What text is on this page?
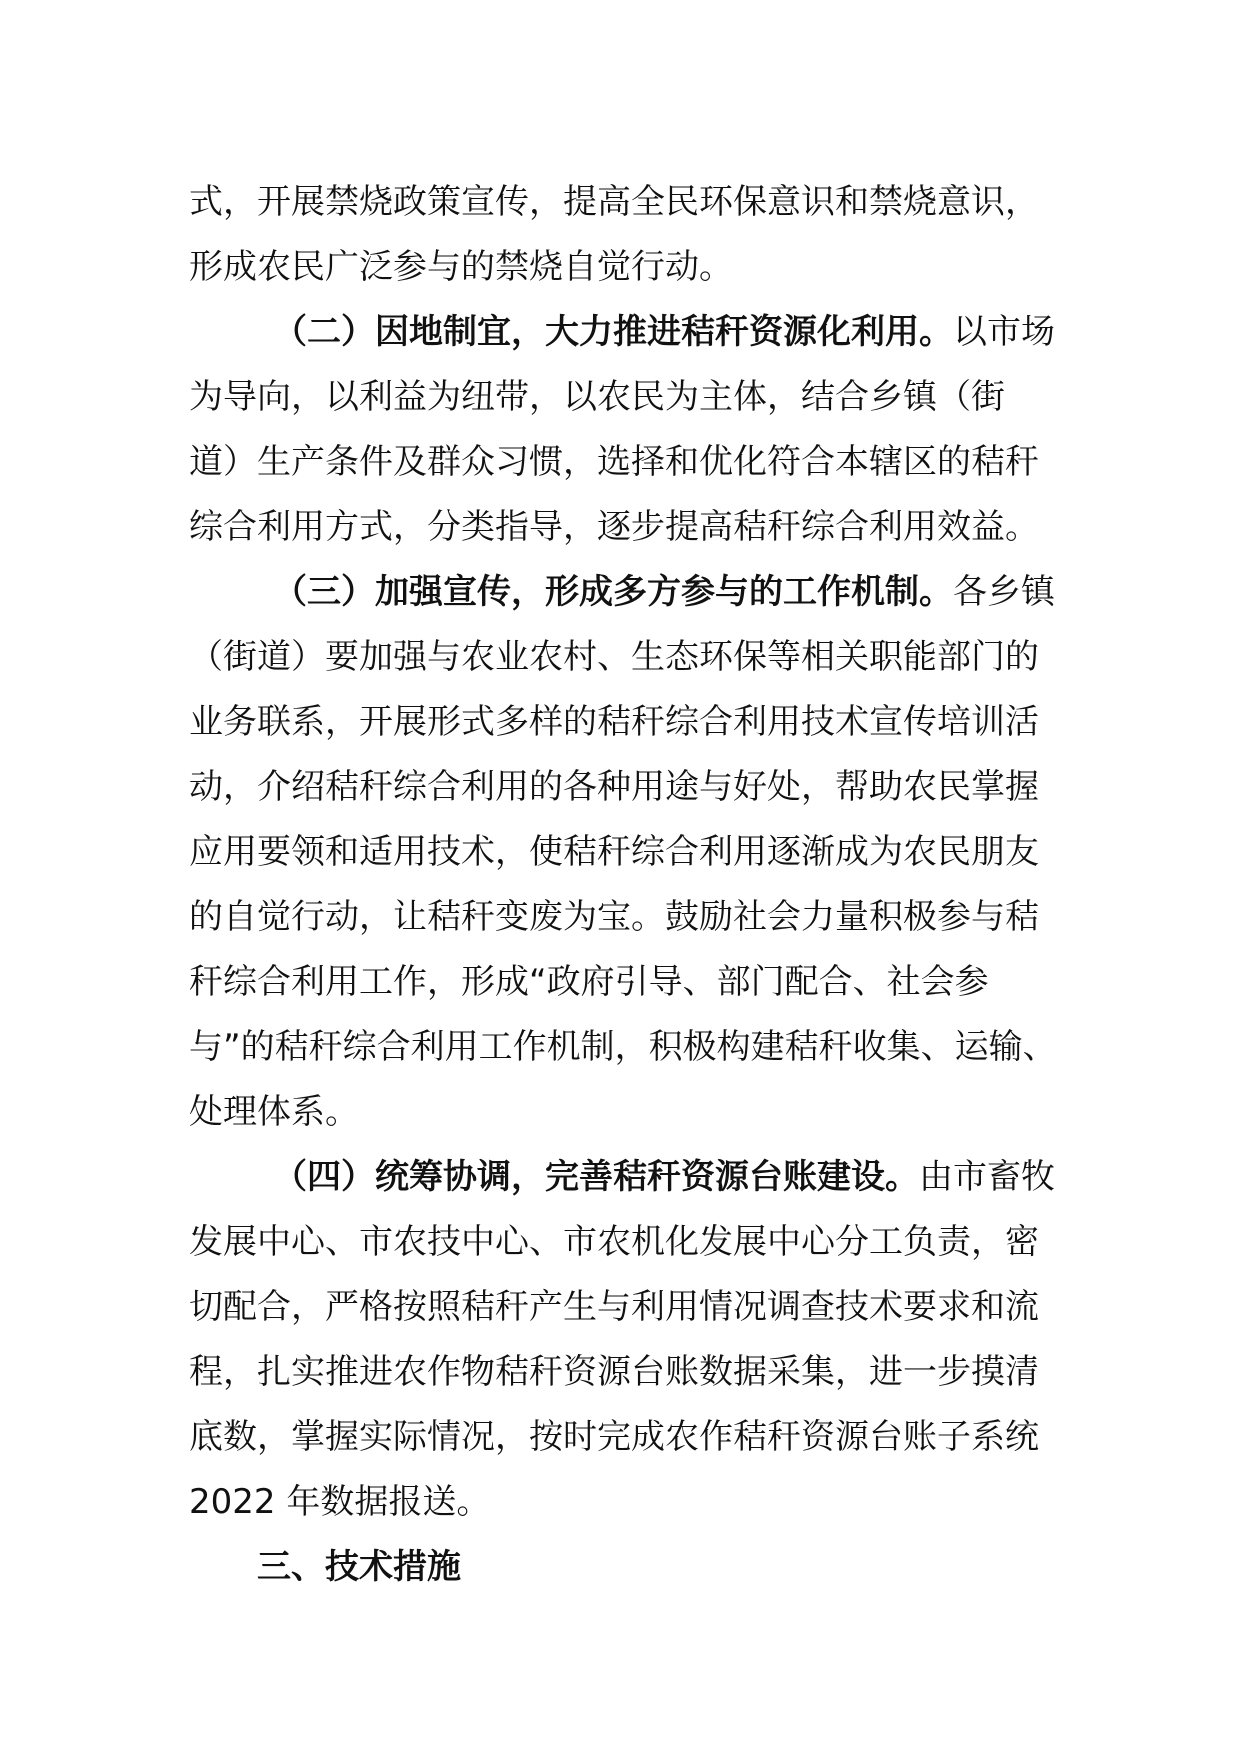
式，开展禁烧政策宣传，提高全民环保意识和禁烧意识，
形成农民广泛参与的禁烧自觉行动。
（二）因地制宜，大力推进秸秆资源化利用。以市场
为导向，以利益为纽带，以农民为主体，结合乡镇（街
道）生产条件及群众习惯，选择和优化符合本辖区的秸秆
综合利用方式，分类指导，逐步提高秸秆综合利用效益。
（三）加强宣传，形成多方参与的工作机制。各乡镇
（街道）要加强与农业农村、生态环保等相关职能部门的
业务联系，开展形式多样的秸秆综合利用技术宣传培训活
动，介绍秸秆综合利用的各种用途与好处，帮助农民掌握
应用要领和适用技术，使秸秆综合利用逐渐成为农民朋友
的自觉行动，让秸秆变废为宝。鼓励社会力量积极参与秸
秆综合利用工作，形成“政府引导、部门配合、社会参
与”的秸秆综合利用工作机制，积极构建秸秆收集、运输、
处理体系。
（四）统筹协调，完善秸秆资源台账建设。由市畜牧
发展中心、市农技中心、市农机化发展中心分工负责，密
切配合，严格按照秸秆产生与利用情况调查技术要求和流
程，扎实推进农作物秸秆资源台账数据采集，进一步摸清
底数，掌握实际情况，按时完成农作秸秆资源台账子系统
2022 年数据报送。
三、技术措施
